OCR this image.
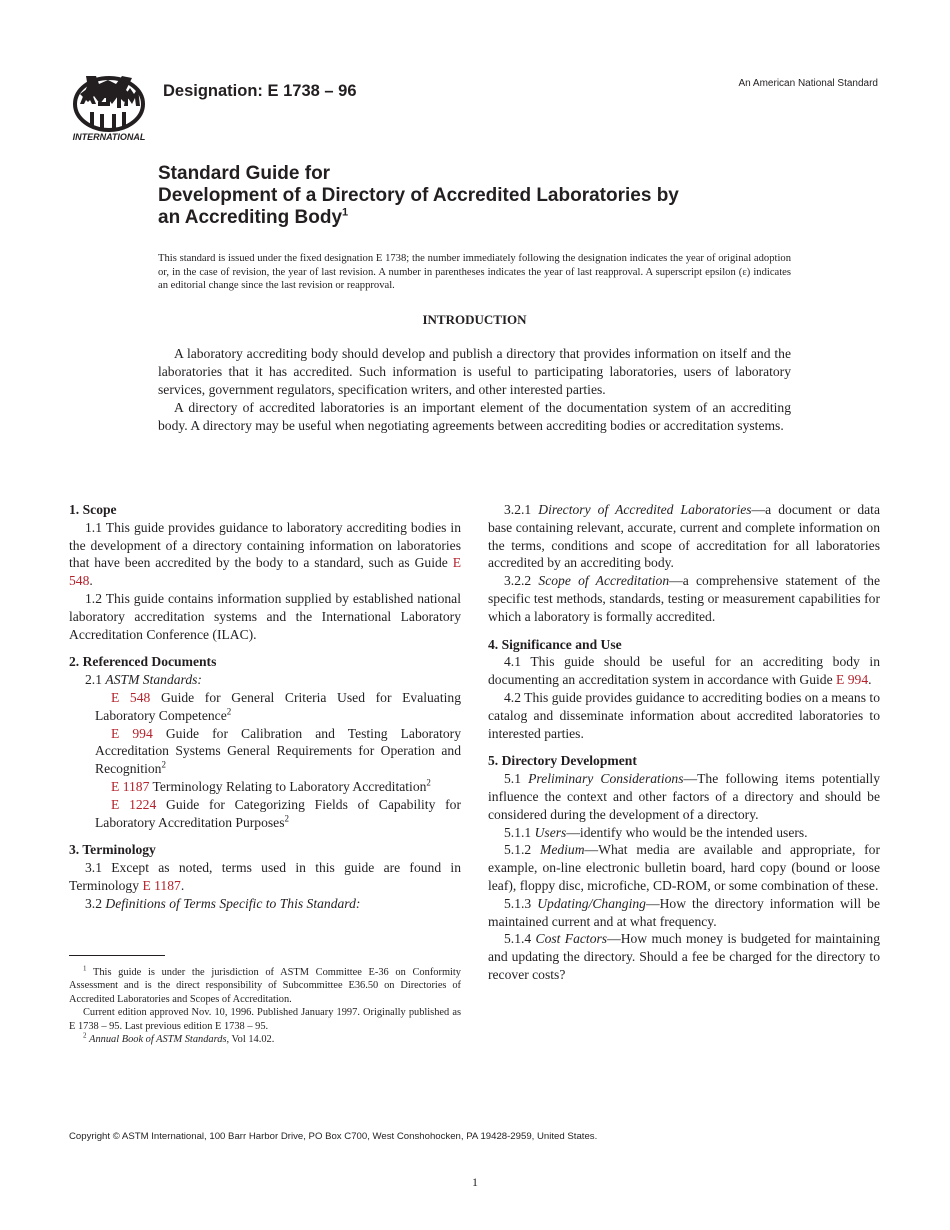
INTERNATIONAL
Designation: E 1738 – 96	An American National Standard
Standard Guide for
Development of a Directory of Accredited Laboratories by
an Accrediting Body$^1$
This standard is issued under the fixed designation E 1738; the number immediately following the designation indicates the year of original adoption or, in the case of revision, the year of last revision. A number in parentheses indicates the year of last reapproval. A superscript epsilon (ε) indicates an editorial change since the last revision or reapproval.
INTRODUCTION

A laboratory accrediting body should develop and publish a directory that provides information on itself and the laboratories that it has accredited. Such information is useful to participating laboratories, users of laboratory services, government regulators, specification writers, and other interested parties.

A directory of accredited laboratories is an important element of the documentation system of an accrediting body. A directory may be useful when negotiating agreements between accrediting bodies or accreditation systems.

1. Scope

1.1 This guide provides guidance to laboratory accrediting bodies in the development of a directory containing information on laboratories that have been accredited by the body to a standard, such as Guide E 548.

1.2 This guide contains information supplied by established national laboratory accreditation systems and the International Laboratory Accreditation Conference (ILAC).

2. Referenced Documents

2.1 ASTM Standards:

E 548 Guide for General Criteria Used for Evaluating Laboratory Competence$^2$

E 994 Guide for Calibration and Testing Laboratory Accreditation Systems General Requirements for Operation and Recognition$^2$

E 1187 Terminology Relating to Laboratory Accreditation$^2$

E 1224 Guide for Categorizing Fields of Capability for Laboratory Accreditation Purposes$^2$

3. Terminology

3.1 Except as noted, terms used in this guide are found in Terminology E 1187.

3.2 Definitions of Terms Specific to This Standard:

$^1$ This guide is under the jurisdiction of ASTM Committee E-36 on Conformity Assessment and is the direct responsibility of Subcommittee E36.50 on Directories of Accredited Laboratories and Scopes of Accreditation.

Current edition approved Nov. 10, 1996. Published January 1997. Originally published as E 1738 – 95. Last previous edition E 1738 – 95.

$^2$ Annual Book of ASTM Standards, Vol 14.02.

3.2.1 Directory of Accredited Laboratories—a document or data base containing relevant, accurate, current and complete information on the terms, conditions and scope of accreditation for all laboratories accredited by an accrediting body.

3.2.2 Scope of Accreditation—a comprehensive statement of the specific test methods, standards, testing or measurement capabilities for which a laboratory is formally accredited.

4. Significance and Use

4.1 This guide should be useful for an accrediting body in documenting an accreditation system in accordance with Guide E 994.

4.2 This guide provides guidance to accrediting bodies on a means to catalog and disseminate information about accredited laboratories to interested parties.

5. Directory Development

5.1 Preliminary Considerations—The following items potentially influence the context and other factors of a directory and should be considered during the development of a directory.

5.1.1 Users—identify who would be the intended users.

5.1.2 Medium—What media are available and appropriate, for example, on-line electronic bulletin board, hard copy (bound or loose leaf), floppy disc, microfiche, CD-ROM, or some combination of these.

5.1.3 Updating/Changing—How the directory information will be maintained current and at what frequency.

5.1.4 Cost Factors—How much money is budgeted for maintaining and updating the directory. Should a fee be charged for the directory to recover costs?

Copyright © ASTM International, 100 Barr Harbor Drive, PO Box C700, West Conshohocken, PA 19428-2959, United States.
1
